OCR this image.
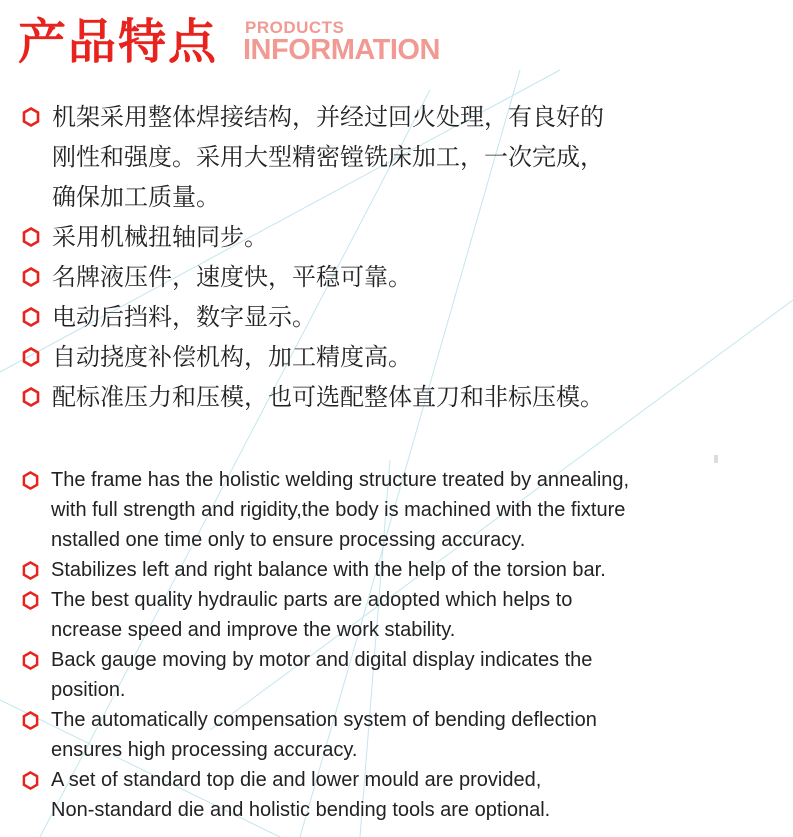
产品特点 PRODUCTS
INFORMATION
机架采用整体焊接结构，并经过回火处理，有良好的
刚性和强度。采用大型精密镗铣床加工，一次完成，
确保加工质量。
采用机械扭轴同步。
名牌液压件，速度快，平稳可靠。
电动后挡料，数字显示。
自动挠度补偿机构，加工精度高。
配标准压力和压模，也可选配整体直刀和非标压模。
The frame has the holistic welding structure treated by annealing,
with full strength and rigidity,the body is machined with the fixture
nstalled one time only to ensure processing accuracy.
Stabilizes left and right balance with the help of the torsion bar.
The best quality hydraulic parts are adopted which helps to
ncrease speed and improve the work stability.
Back gauge moving by motor and digital display indicates the
position.
The automatically compensation system of bending deflection
ensures high processing accuracy.
A set of standard top die and lower mould are provided,
Non-standard die and holistic bending tools are optional.
